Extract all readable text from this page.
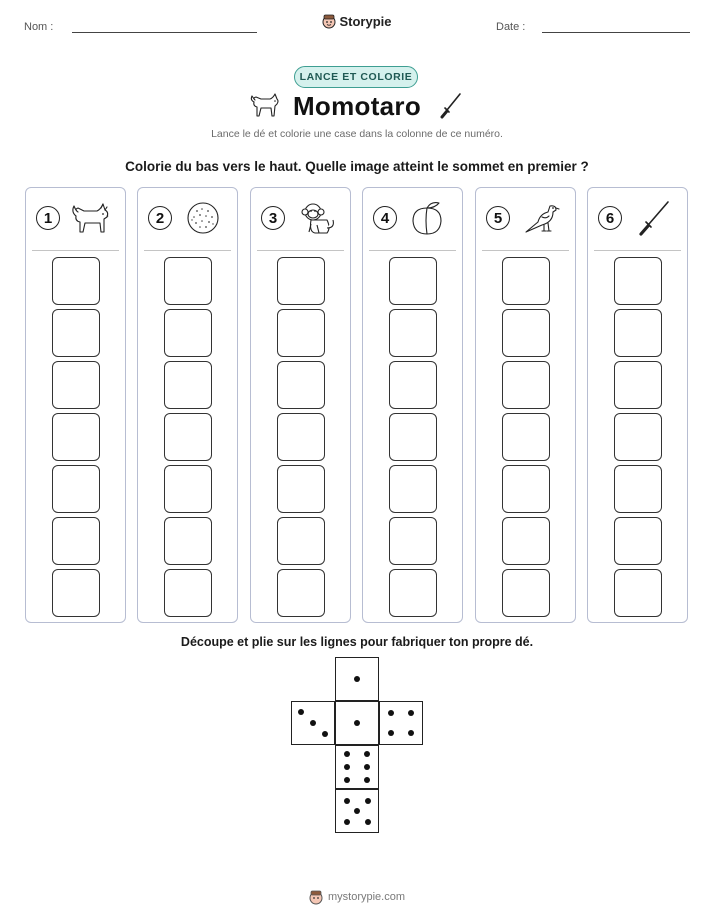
Nom :	Storypie	Date :
LANCE ET COLORIE
Momotaro
Lance le dé et colorie une case dans la colonne de ce numéro.
Colorie du bas vers le haut. Quelle image atteint le sommet en premier ?
1	2	3	4	5	6
Découpe et plie sur les lignes pour fabriquer ton propre dé.
mystorypie.com
